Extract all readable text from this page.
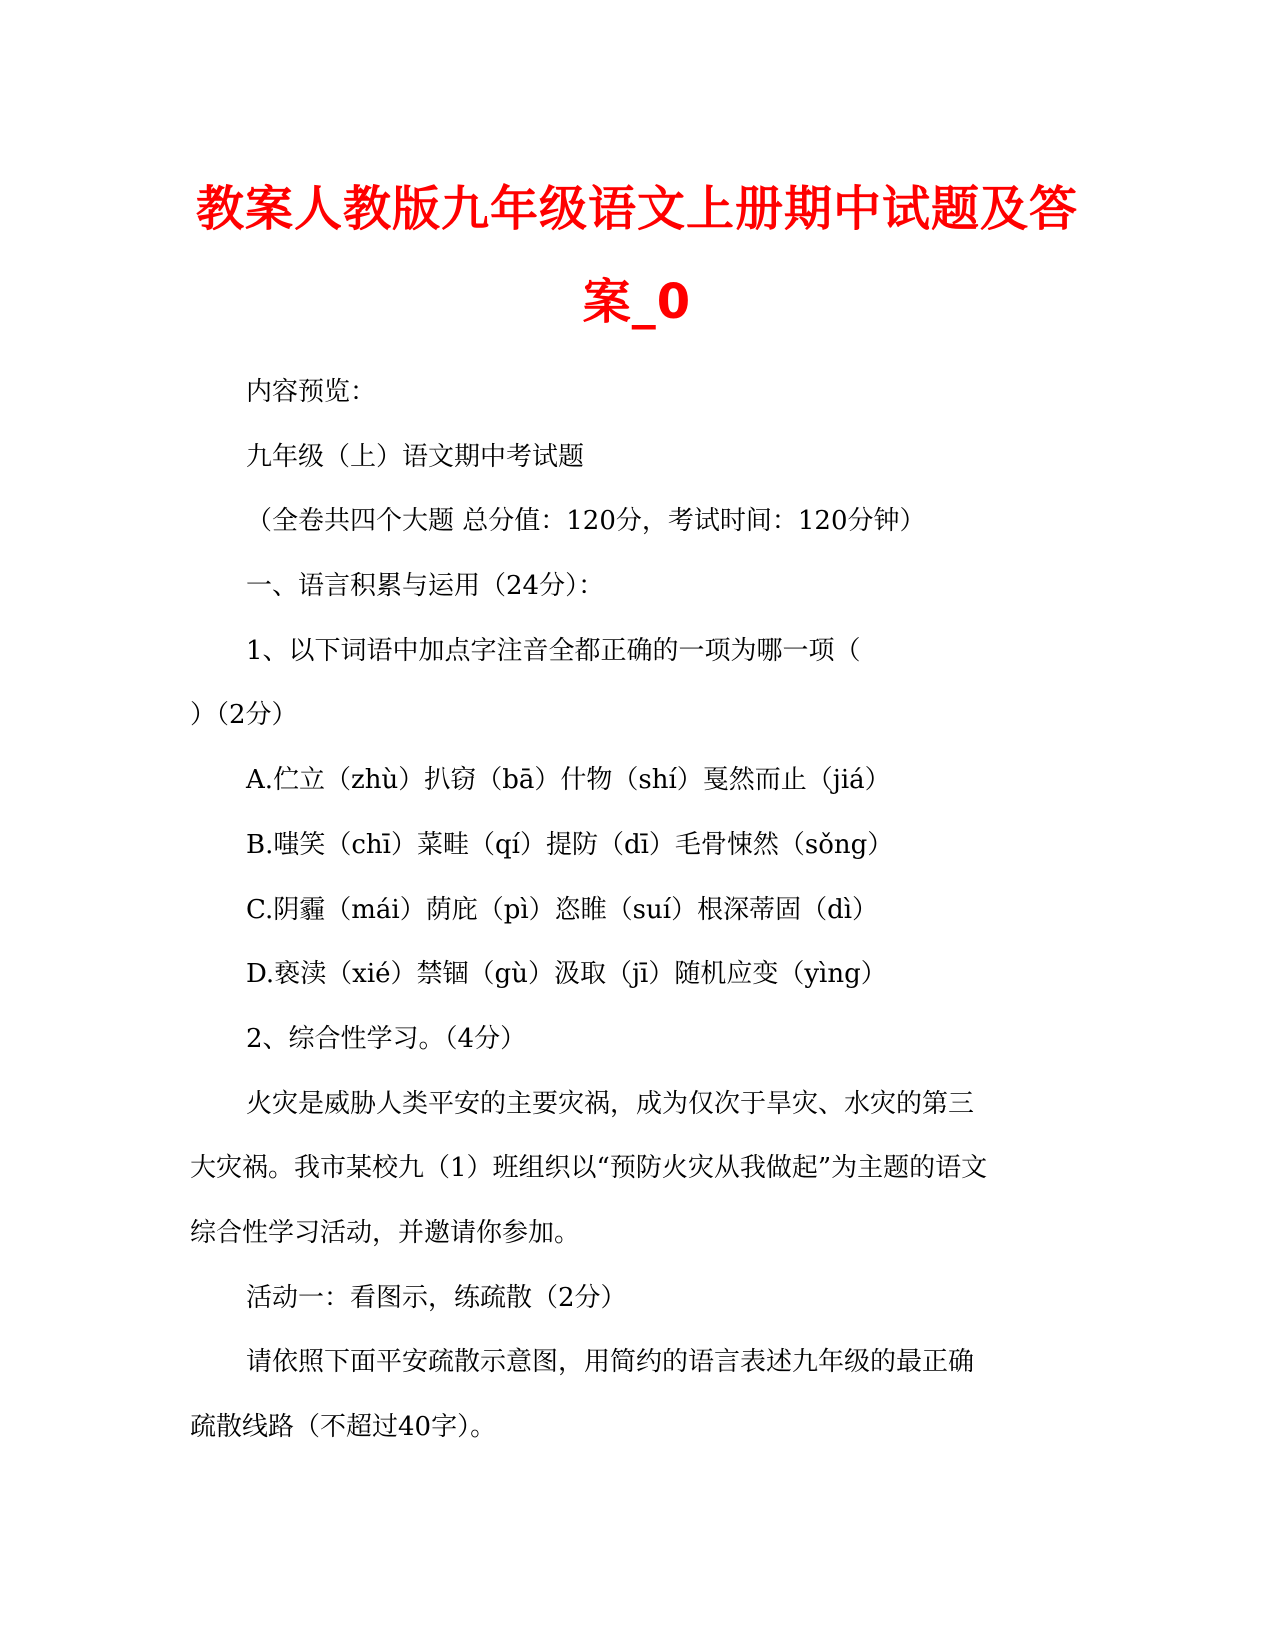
教案人教版九年级语文上册期中试题及答
案_0

内容预览：

九年级（上）语文期中考试题

（全卷共四个大题 总分值：120分，考试时间：120分钟）

一、语言积累与运用（24分）：

1、以下词语中加点字注音全都正确的一项为哪一项（

）（2分）

A.伫立（zhù）扒窃（bā）什物（shí）戛然而止（jiá）

B.嗤笑（chī）菜畦（qí）提防（dī）毛骨悚然（sǒng）

C.阴霾（mái）荫庇（pì）恣睢（suí）根深蒂固（dì）

D.亵渎（xié）禁锢（gù）汲取（jī）随机应变（yìng）

2、综合性学习。（4分）

火灾是威胁人类平安的主要灾祸，成为仅次于旱灾、水灾的第三

大灾祸。我市某校九（1）班组织以“预防火灾从我做起”为主题的语文

综合性学习活动，并邀请你参加。

活动一：看图示，练疏散（2分）

请依照下面平安疏散示意图，用简约的语言表述九年级的最正确

疏散线路（不超过40字）。
